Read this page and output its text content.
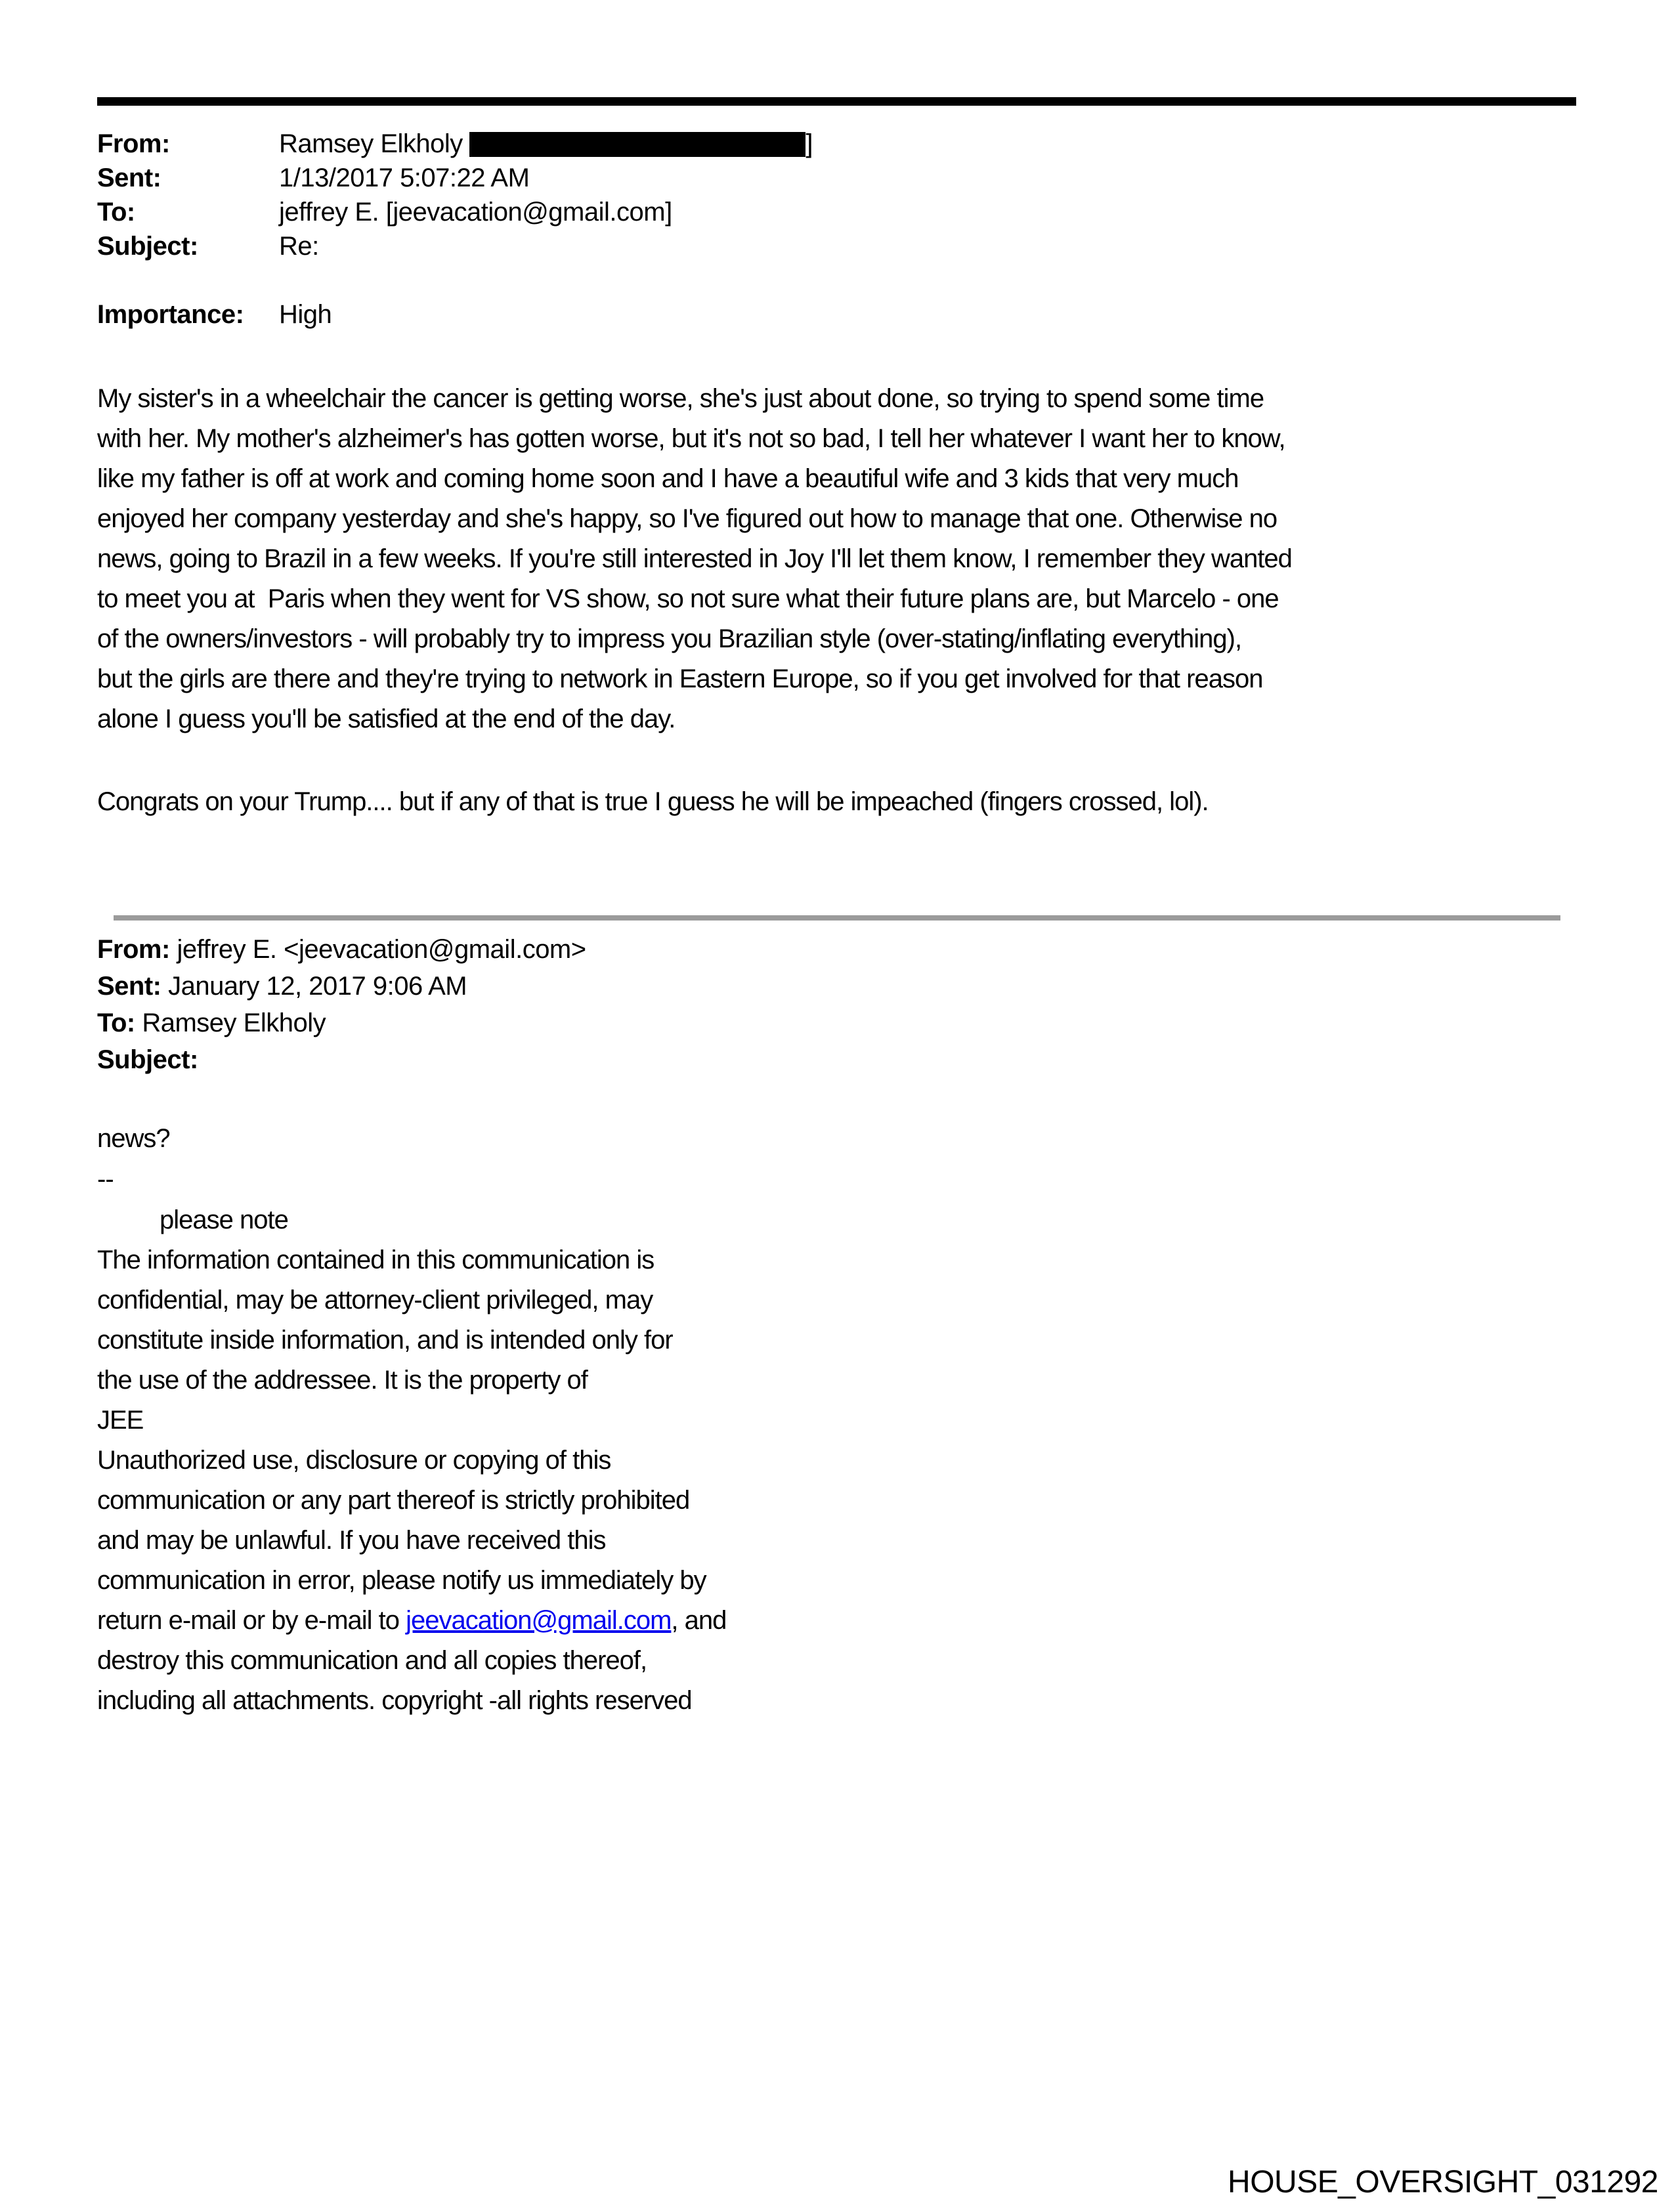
From:	Ramsey Elkholy	]
Sent:	1/13/2017 5:07:22 AM
To:	jeffrey E. [jeevacation@gmail.com]
Subject:	Re:
Importance:	High
My sister's in a wheelchair the cancer is getting worse, she's just about done, so trying to spend some time
with her. My mother's alzheimer's has gotten worse, but it's not so bad, I tell her whatever I want her to know,
like my father is off at work and coming home soon and I have a beautiful wife and 3 kids that very much
enjoyed her company yesterday and she's happy, so I've figured out how to manage that one. Otherwise no
news, going to Brazil in a few weeks. If you're still interested in Joy I'll let them know, I remember they wanted
to meet you at  Paris when they went for VS show, so not sure what their future plans are, but Marcelo - one
of the owners/investors - will probably try to impress you Brazilian style (over-stating/inflating everything),
but the girls are there and they're trying to network in Eastern Europe, so if you get involved for that reason
alone I guess you'll be satisfied at the end of the day.
Congrats on your Trump.... but if any of that is true I guess he will be impeached (fingers crossed, lol).
From: jeffrey E. <jeevacation@gmail.com>
Sent: January 12, 2017 9:06 AM
To: Ramsey Elkholy
Subject:
news?
--
please note
The information contained in this communication is
confidential, may be attorney-client privileged, may
constitute inside information, and is intended only for
the use of the addressee. It is the property of
JEE
Unauthorized use, disclosure or copying of this
communication or any part thereof is strictly prohibited
and may be unlawful. If you have received this
communication in error, please notify us immediately by
return e-mail or by e-mail to jeevacation@gmail.com, and
destroy this communication and all copies thereof,
including all attachments. copyright -all rights reserved
HOUSE_OVERSIGHT_031292
